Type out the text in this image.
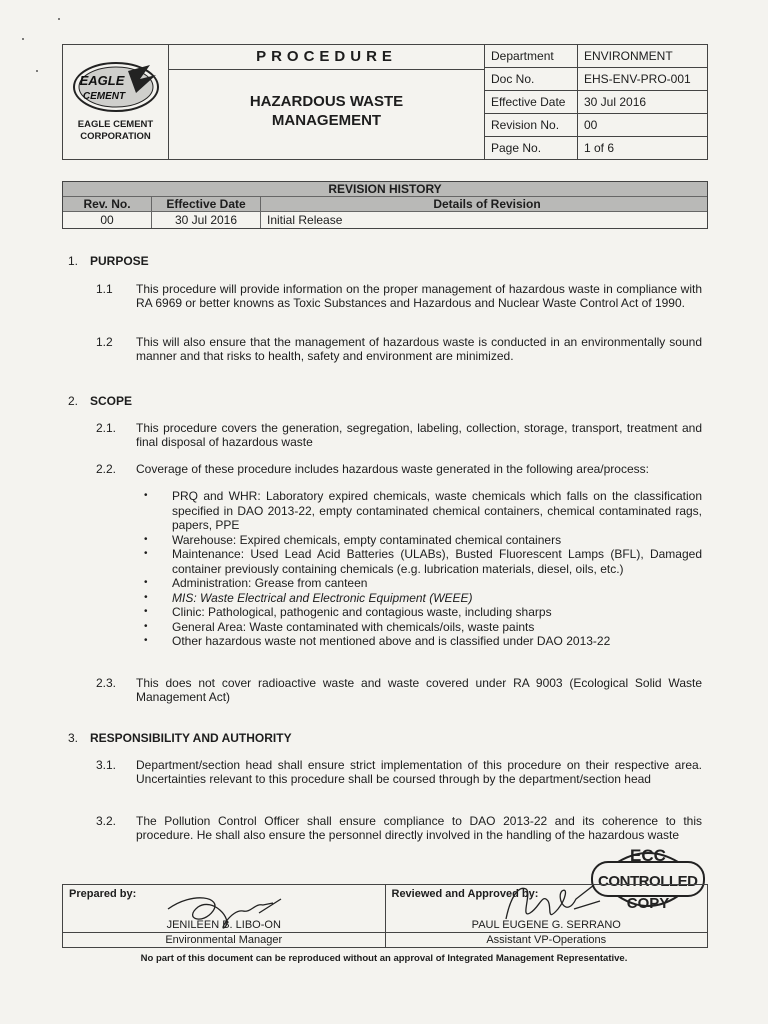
EAGLE
CEMENT
EAGLE CEMENT
CORPORATION
PROCEDURE
HAZARDOUS WASTE
MANAGEMENT
Department	ENVIRONMENT
Doc No.	EHS-ENV-PRO-001
Effective Date	30 Jul 2016
Revision No.	00
Page No.	1 of 6
REVISION HISTORY
Rev. No.	Effective Date	Details of Revision
00	30 Jul 2016	Initial Release
1. PURPOSE
1.1	This procedure will provide information on the proper management of hazardous waste in compliance with RA 6969 or better knowns as Toxic Substances and Hazardous and Nuclear Waste Control Act of 1990.
1.2	This will also ensure that the management of hazardous waste is conducted in an environmentally sound manner and that risks to health, safety and environment are minimized.
2. SCOPE
2.1.	This procedure covers the generation, segregation, labeling, collection, storage, transport, treatment and final disposal of hazardous waste
2.2.	Coverage of these procedure includes hazardous waste generated in the following area/process:
• PRQ and WHR: Laboratory expired chemicals, waste chemicals which falls on the classification specified in DAO 2013-22, empty contaminated chemical containers, chemical contaminated rags, papers, PPE
• Warehouse: Expired chemicals, empty contaminated chemical containers
• Maintenance: Used Lead Acid Batteries (ULABs), Busted Fluorescent Lamps (BFL), Damaged container previously containing chemicals (e.g. lubrication materials, diesel, oils, etc.)
• Administration: Grease from canteen
• MIS: Waste Electrical and Electronic Equipment (WEEE)
• Clinic: Pathological, pathogenic and contagious waste, including sharps
• General Area: Waste contaminated with chemicals/oils, waste paints
• Other hazardous waste not mentioned above and is classified under DAO 2013-22
2.3.	This does not cover radioactive waste and waste covered under RA 9003 (Ecological Solid Waste Management Act)
3. RESPONSIBILITY AND AUTHORITY
3.1.	Department/section head shall ensure strict implementation of this procedure on their respective area. Uncertainties relevant to this procedure shall be coursed through by the department/section head
3.2.	The Pollution Control Officer shall ensure compliance to DAO 2013-22 and its coherence to this procedure. He shall also ensure the personnel directly involved in the handling of the hazardous waste
ECC
CONTROLLED
COPY
Prepared by:
JENILEEN B. LIBO-ON
Environmental Manager
Reviewed and Approved by:
PAUL EUGENE G. SERRANO
Assistant VP-Operations
No part of this document can be reproduced without an approval of Integrated Management Representative.
